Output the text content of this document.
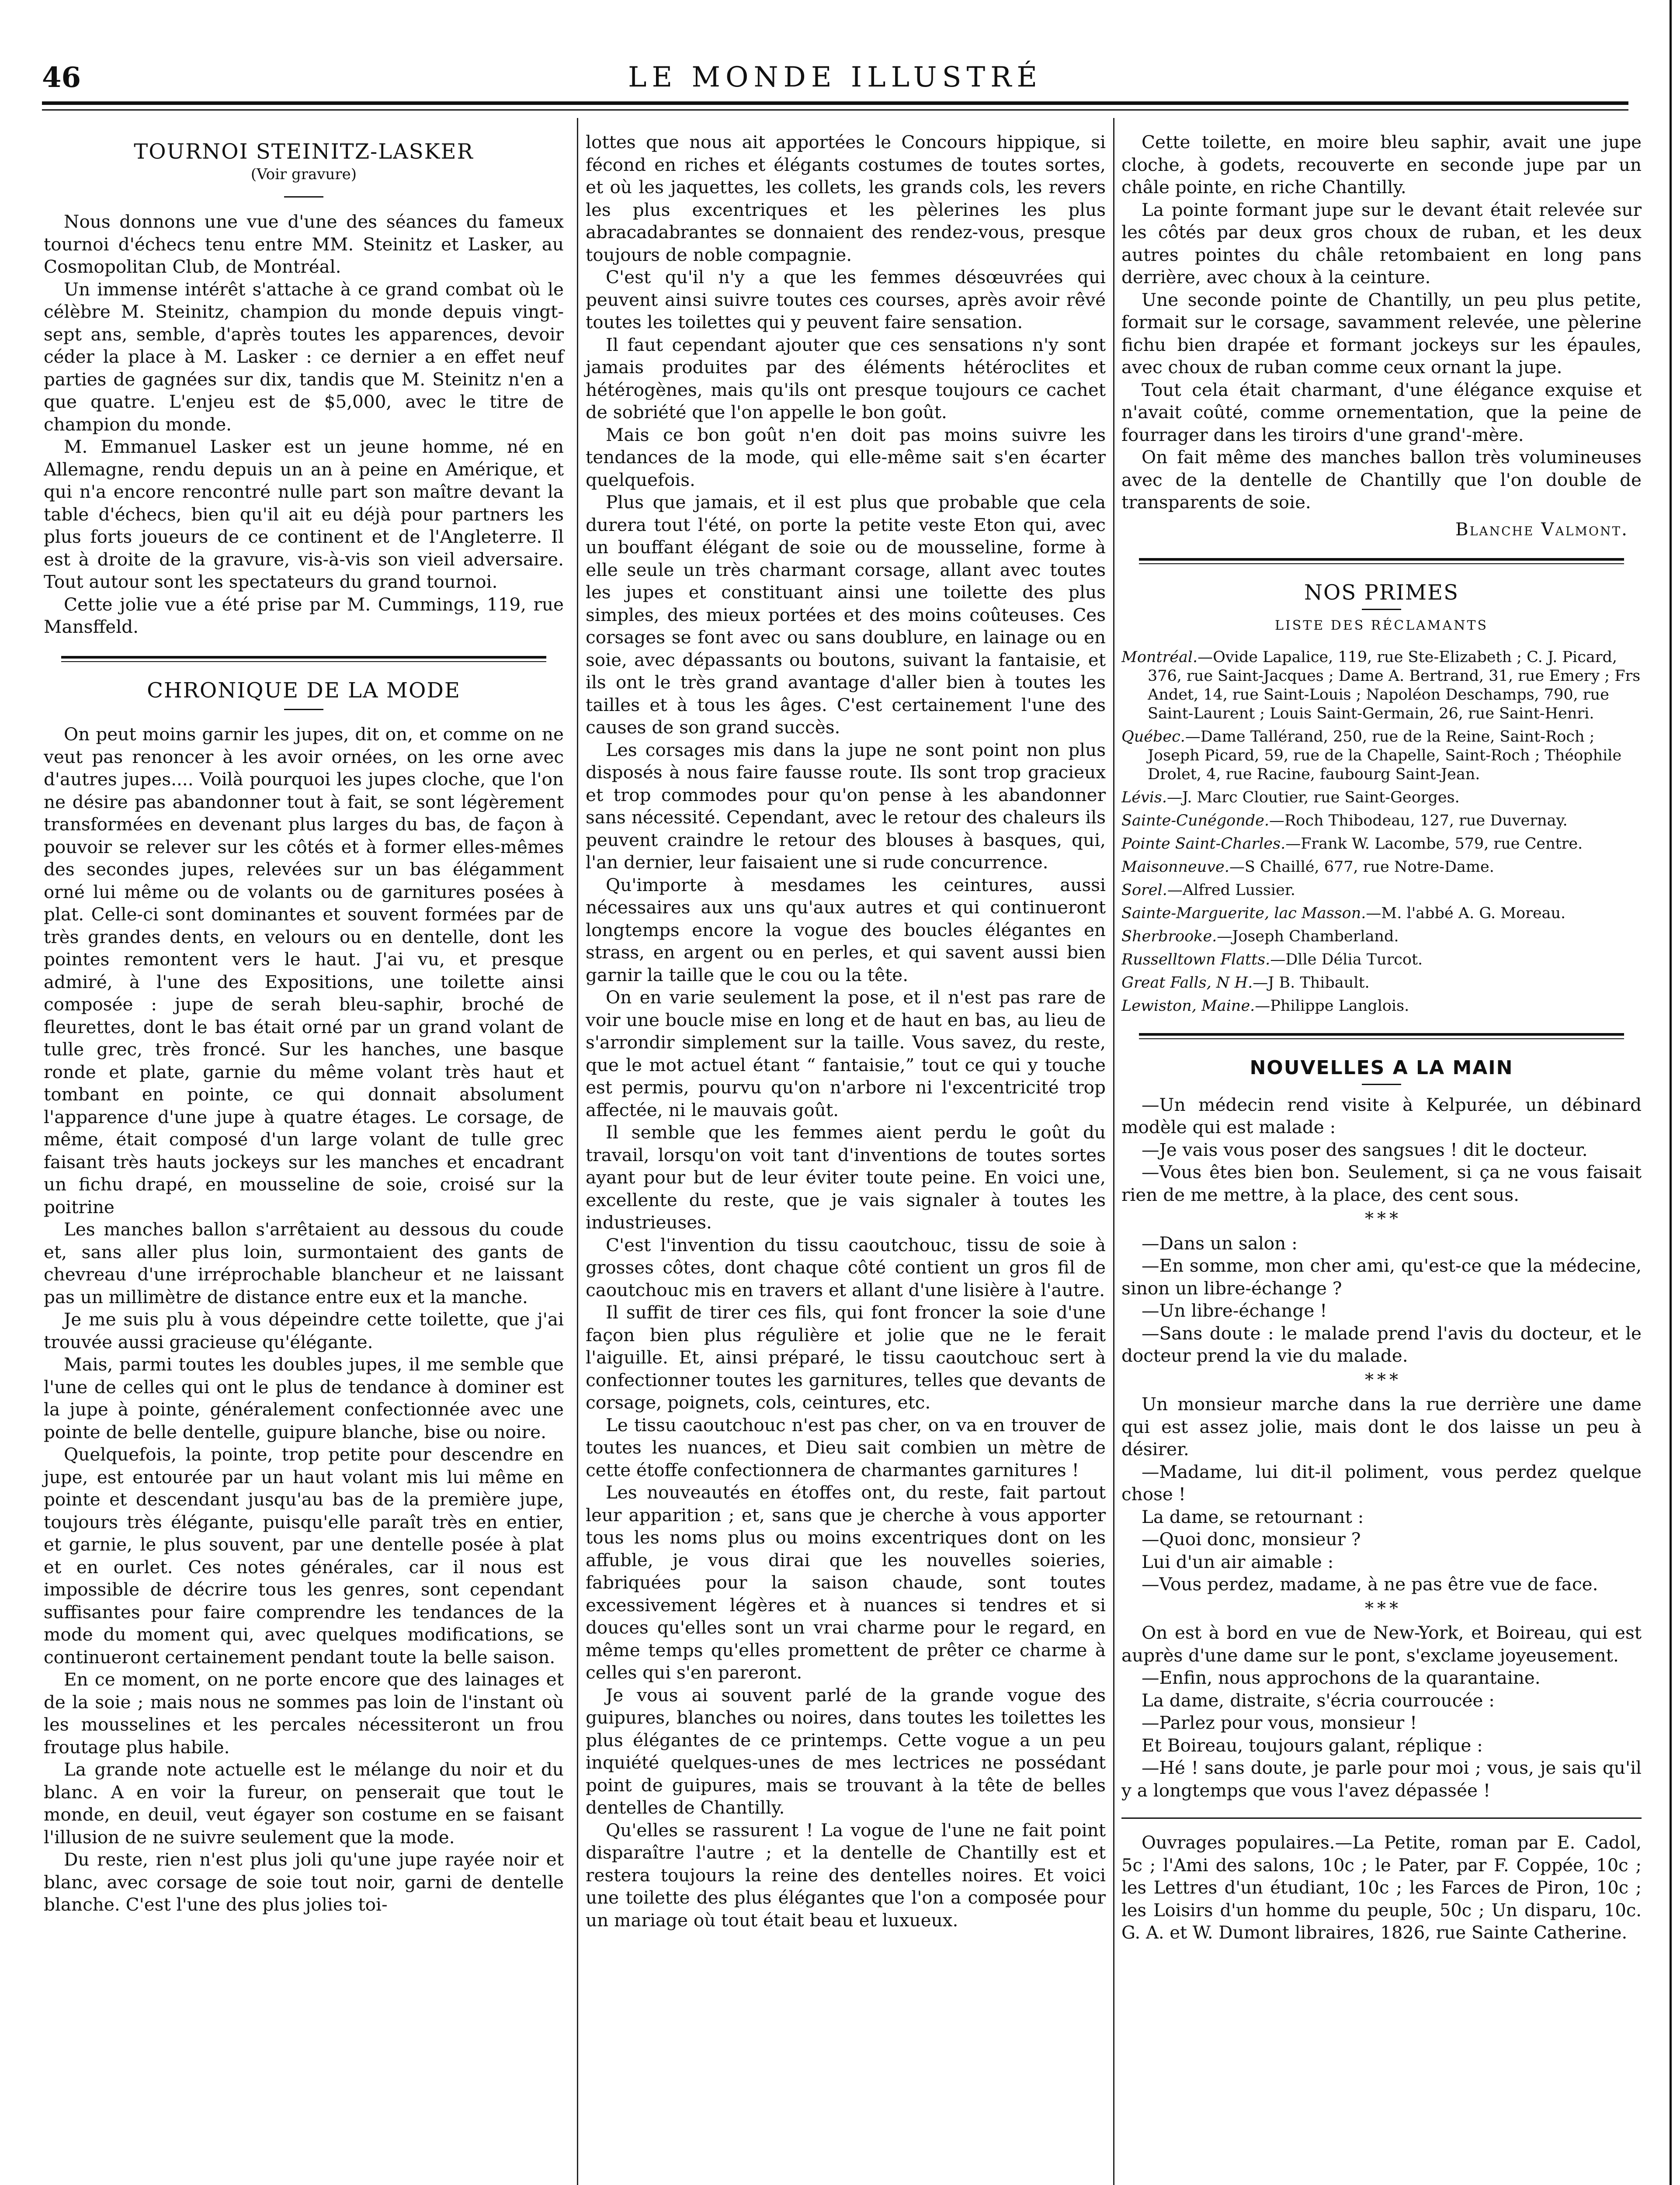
46	LE MONDE ILLUSTRÉ
TOURNOI STEINITZ-LASKER
(Voir gravure)

Nous donnons une vue d'une des séances du fameux tournoi d'échecs tenu entre MM. Steinitz et Lasker, au Cosmopolitan Club, de Montréal.

Un immense intérêt s'attache à ce grand combat où le célèbre M. Steinitz, champion du monde depuis vingt-sept ans, semble, d'après toutes les apparences, devoir céder la place à M. Lasker : ce dernier a en effet neuf parties de gagnées sur dix, tandis que M. Steinitz n'en a que quatre. L'enjeu est de $5,000, avec le titre de champion du monde.

M. Emmanuel Lasker est un jeune homme, né en Allemagne, rendu depuis un an à peine en Amérique, et qui n'a encore rencontré nulle part son maître devant la table d'échecs, bien qu'il ait eu déjà pour partners les plus forts joueurs de ce continent et de l'Angleterre. Il est à droite de la gravure, vis-à-vis son vieil adversaire. Tout autour sont les spectateurs du grand tournoi.

Cette jolie vue a été prise par M. Cummings, 119, rue Mansffeld.

CHRONIQUE DE LA MODE

On peut moins garnir les jupes, dit on, et comme on ne veut pas renoncer à les avoir ornées, on les orne avec d'autres jupes.... Voilà pourquoi les jupes cloche, que l'on ne désire pas abandonner tout à fait, se sont légèrement transformées en devenant plus larges du bas, de façon à pouvoir se relever sur les côtés et à former elles-mêmes des secondes jupes, relevées sur un bas élégamment orné lui même ou de volants ou de garnitures posées à plat. Celle-ci sont dominantes et souvent formées par de très grandes dents, en velours ou en dentelle, dont les pointes remontent vers le haut. J'ai vu, et presque admiré, à l'une des Expositions, une toilette ainsi composée : jupe de serah bleu-saphir, broché de fleurettes, dont le bas était orné par un grand volant de tulle grec, très froncé. Sur les hanches, une basque ronde et plate, garnie du même volant très haut et tombant en pointe, ce qui donnait absolument l'apparence d'une jupe à quatre étages. Le corsage, de même, était composé d'un large volant de tulle grec faisant très hauts jockeys sur les manches et encadrant un fichu drapé, en mousseline de soie, croisé sur la poitrine

Les manches ballon s'arrêtaient au dessous du coude et, sans aller plus loin, surmontaient des gants de chevreau d'une irréprochable blancheur et ne laissant pas un millimètre de distance entre eux et la manche.

Je me suis plu à vous dépeindre cette toilette, que j'ai trouvée aussi gracieuse qu'élégante.

Mais, parmi toutes les doubles jupes, il me semble que l'une de celles qui ont le plus de tendance à dominer est la jupe à pointe, généralement confectionnée avec une pointe de belle dentelle, guipure blanche, bise ou noire.

Quelquefois, la pointe, trop petite pour descendre en jupe, est entourée par un haut volant mis lui même en pointe et descendant jusqu'au bas de la première jupe, toujours très élégante, puisqu'elle paraît très en entier, et garnie, le plus souvent, par une dentelle posée à plat et en ourlet. Ces notes générales, car il nous est impossible de décrire tous les genres, sont cependant suffisantes pour faire comprendre les tendances de la mode du moment qui, avec quelques modifications, se continueront certainement pendant toute la belle saison.

En ce moment, on ne porte encore que des lainages et de la soie ; mais nous ne sommes pas loin de l'instant où les mousselines et les percales nécessiteront un frou froutage plus habile.

La grande note actuelle est le mélange du noir et du blanc. A en voir la fureur, on penserait que tout le monde, en deuil, veut égayer son costume en se faisant l'illusion de ne suivre seulement que la mode.

Du reste, rien n'est plus joli qu'une jupe rayée noir et blanc, avec corsage de soie tout noir, garni de dentelle blanche. C'est l'une des plus jolies toi-

lottes que nous ait apportées le Concours hippique, si fécond en riches et élégants costumes de toutes sortes, et où les jaquettes, les collets, les grands cols, les revers les plus excentriques et les pèlerines les plus abracadabrantes se donnaient des rendez-vous, presque toujours de noble compagnie.

C'est qu'il n'y a que les femmes désœuvrées qui peuvent ainsi suivre toutes ces courses, après avoir rêvé toutes les toilettes qui y peuvent faire sensation.

Il faut cependant ajouter que ces sensations n'y sont jamais produites par des éléments hétéroclites et hétérogènes, mais qu'ils ont presque toujours ce cachet de sobriété que l'on appelle le bon goût.

Mais ce bon goût n'en doit pas moins suivre les tendances de la mode, qui elle-même sait s'en écarter quelquefois.

Plus que jamais, et il est plus que probable que cela durera tout l'été, on porte la petite veste Eton qui, avec un bouffant élégant de soie ou de mousseline, forme à elle seule un très charmant corsage, allant avec toutes les jupes et constituant ainsi une toilette des plus simples, des mieux portées et des moins coûteuses. Ces corsages se font avec ou sans doublure, en lainage ou en soie, avec dépassants ou boutons, suivant la fantaisie, et ils ont le très grand avantage d'aller bien à toutes les tailles et à tous les âges. C'est certainement l'une des causes de son grand succès.

Les corsages mis dans la jupe ne sont point non plus disposés à nous faire fausse route. Ils sont trop gracieux et trop commodes pour qu'on pense à les abandonner sans nécessité. Cependant, avec le retour des chaleurs ils peuvent craindre le retour des blouses à basques, qui, l'an dernier, leur faisaient une si rude concurrence.

Qu'importe à mesdames les ceintures, aussi nécessaires aux uns qu'aux autres et qui continueront longtemps encore la vogue des boucles élégantes en strass, en argent ou en perles, et qui savent aussi bien garnir la taille que le cou ou la tête.

On en varie seulement la pose, et il n'est pas rare de voir une boucle mise en long et de haut en bas, au lieu de s'arrondir simplement sur la taille. Vous savez, du reste, que le mot actuel étant “ fantaisie,” tout ce qui y touche est permis, pourvu qu'on n'arbore ni l'excentricité trop affectée, ni le mauvais goût.

Il semble que les femmes aient perdu le goût du travail, lorsqu'on voit tant d'inventions de toutes sortes ayant pour but de leur éviter toute peine. En voici une, excellente du reste, que je vais signaler à toutes les industrieuses.

C'est l'invention du tissu caoutchouc, tissu de soie à grosses côtes, dont chaque côté contient un gros fil de caoutchouc mis en travers et allant d'une lisière à l'autre.

Il suffit de tirer ces fils, qui font froncer la soie d'une façon bien plus régulière et jolie que ne le ferait l'aiguille. Et, ainsi préparé, le tissu caoutchouc sert à confectionner toutes les garnitures, telles que devants de corsage, poignets, cols, ceintures, etc.

Le tissu caoutchouc n'est pas cher, on va en trouver de toutes les nuances, et Dieu sait combien un mètre de cette étoffe confectionnera de charmantes garnitures !

Les nouveautés en étoffes ont, du reste, fait partout leur apparition ; et, sans que je cherche à vous apporter tous les noms plus ou moins excentriques dont on les affuble, je vous dirai que les nouvelles soieries, fabriquées pour la saison chaude, sont toutes excessivement légères et à nuances si tendres et si douces qu'elles sont un vrai charme pour le regard, en même temps qu'elles promettent de prêter ce charme à celles qui s'en pareront.

Je vous ai souvent parlé de la grande vogue des guipures, blanches ou noires, dans toutes les toilettes les plus élégantes de ce printemps. Cette vogue a un peu inquiété quelques-unes de mes lectrices ne possédant point de guipures, mais se trouvant à la tête de belles dentelles de Chantilly.

Qu'elles se rassurent ! La vogue de l'une ne fait point disparaître l'autre ; et la dentelle de Chantilly est et restera toujours la reine des dentelles noires. Et voici une toilette des plus élégantes que l'on a composée pour un mariage où tout était beau et luxueux.

Cette toilette, en moire bleu saphir, avait une jupe cloche, à godets, recouverte en seconde jupe par un châle pointe, en riche Chantilly.

La pointe formant jupe sur le devant était relevée sur les côtés par deux gros choux de ruban, et les deux autres pointes du châle retombaient en long pans derrière, avec choux à la ceinture.

Une seconde pointe de Chantilly, un peu plus petite, formait sur le corsage, savamment relevée, une pèlerine fichu bien drapée et formant jockeys sur les épaules, avec choux de ruban comme ceux ornant la jupe.

Tout cela était charmant, d'une élégance exquise et n'avait coûté, comme ornementation, que la peine de fourrager dans les tiroirs d'une grand'-mère.

On fait même des manches ballon très volumineuses avec de la dentelle de Chantilly que l'on double de transparents de soie.

Blanche Valmont.

NOS PRIMES
LISTE DES RÉCLAMANTS
Montréal.—Ovide Lapalice, 119, rue Ste-Elizabeth ; C. J. Picard, 376, rue Saint-Jacques ; Dame A. Bertrand, 31, rue Emery ; Frs Andet, 14, rue Saint-Louis ; Napoléon Deschamps, 790, rue Saint-Laurent ; Louis Saint-Germain, 26, rue Saint-Henri.
Québec.—Dame Tallérand, 250, rue de la Reine, Saint-Roch ; Joseph Picard, 59, rue de la Chapelle, Saint-Roch ; Théophile Drolet, 4, rue Racine, faubourg Saint-Jean.
Lévis.—J. Marc Cloutier, rue Saint-Georges.
Sainte-Cunégonde.—Roch Thibodeau, 127, rue Duvernay.
Pointe Saint-Charles.—Frank W. Lacombe, 579, rue Centre.
Maisonneuve.—S Chaillé, 677, rue Notre-Dame.
Sorel.—Alfred Lussier.
Sainte-Marguerite, lac Masson.—M. l'abbé A. G. Moreau.
Sherbrooke.—Joseph Chamberland.
Russelltown Flatts.—Dlle Délia Turcot.
Great Falls, N H.—J B. Thibault.
Lewiston, Maine.—Philippe Langlois.
NOUVELLES A LA MAIN

—Un médecin rend visite à Kelpurée, un débinard modèle qui est malade :

—Je vais vous poser des sangsues ! dit le docteur.

—Vous êtes bien bon. Seulement, si ça ne vous faisait rien de me mettre, à la place, des cent sous.

* * *

—Dans un salon :

—En somme, mon cher ami, qu'est-ce que la médecine, sinon un libre-échange ?

—Un libre-échange !

—Sans doute : le malade prend l'avis du docteur, et le docteur prend la vie du malade.

* * *

Un monsieur marche dans la rue derrière une dame qui est assez jolie, mais dont le dos laisse un peu à désirer.

—Madame, lui dit-il poliment, vous perdez quelque chose !

La dame, se retournant :

—Quoi donc, monsieur ?

Lui d'un air aimable :

—Vous perdez, madame, à ne pas être vue de face.

* * *

On est à bord en vue de New-York, et Boireau, qui est auprès d'une dame sur le pont, s'exclame joyeusement.

—Enfin, nous approchons de la quarantaine.

La dame, distraite, s'écria courroucée :

—Parlez pour vous, monsieur !

Et Boireau, toujours galant, réplique :

—Hé ! sans doute, je parle pour moi ; vous, je sais qu'il y a longtemps que vous l'avez dépassée !

Ouvrages populaires.—La Petite, roman par E. Cadol, 5c ; l'Ami des salons, 10c ; le Pater, par F. Coppée, 10c ; les Lettres d'un étudiant, 10c ; les Farces de Piron, 10c ; les Loisirs d'un homme du peuple, 50c ; Un disparu, 10c. G. A. et W. Dumont libraires, 1826, rue Sainte Catherine.
